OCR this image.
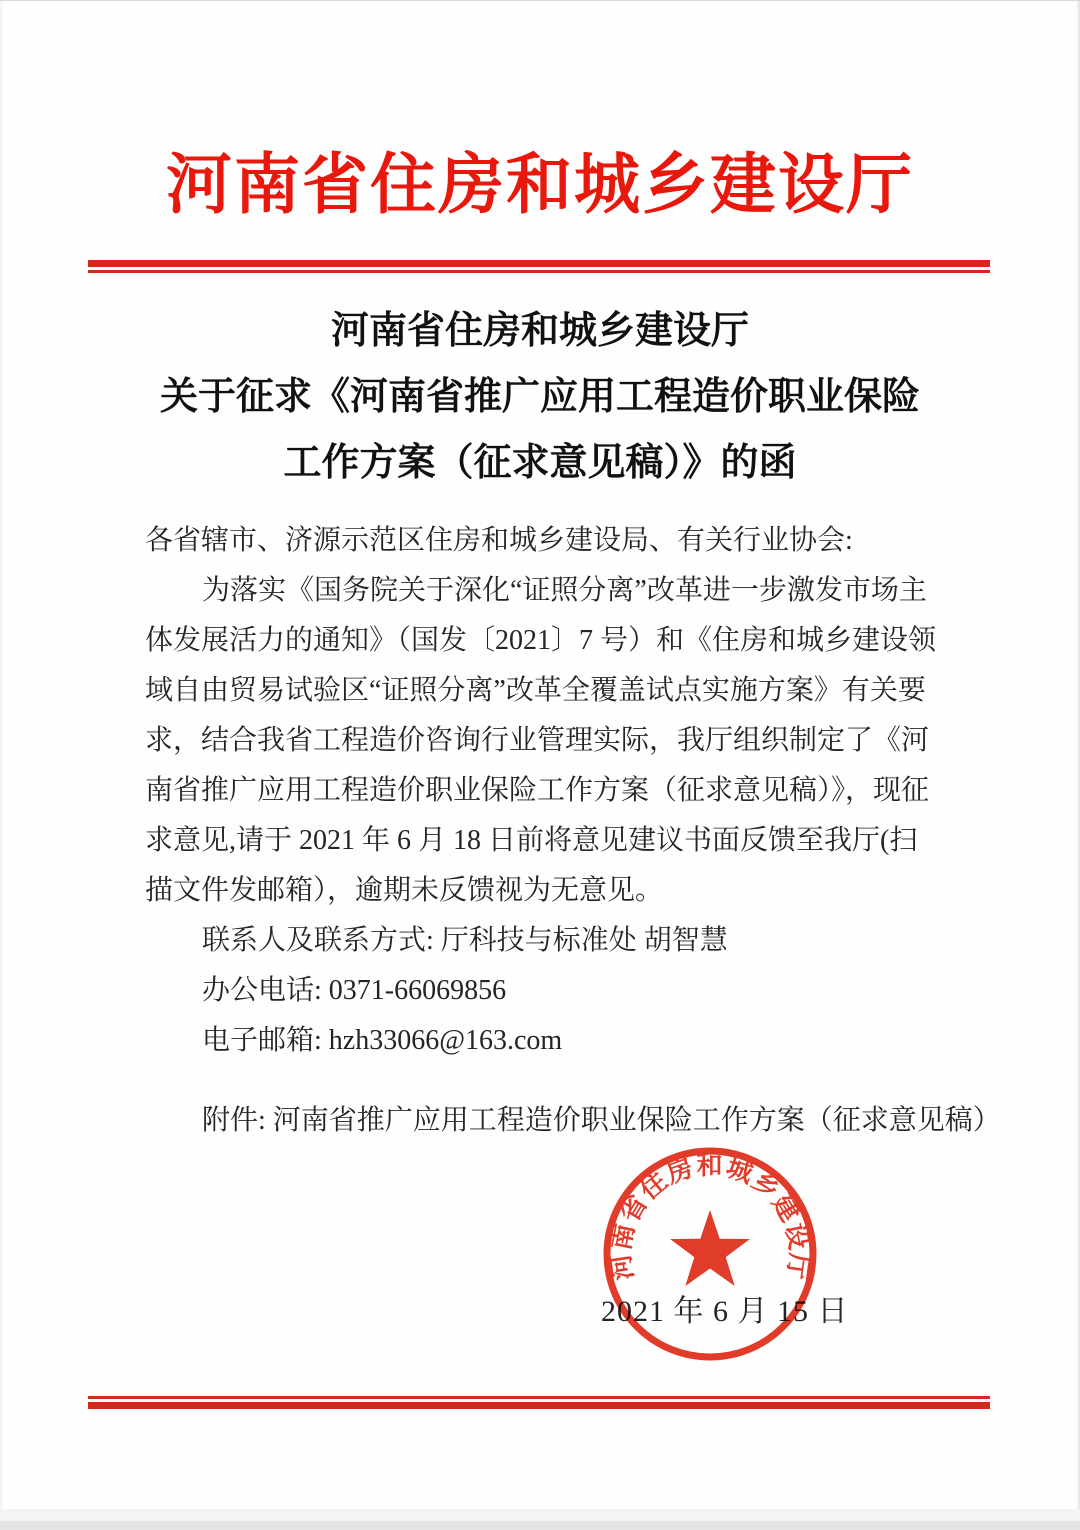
河南省住房和城乡建设厅
河南省住房和城乡建设厅
关于征求《河南省推广应用工程造价职业保险
工作方案（征求意见稿）》的函
各省辖市、济源示范区住房和城乡建设局、有关行业协会:
为落实《国务院关于深化“证照分离”改革进一步激发市场主
体发展活力的通知》（国发〔2021〕7 号）和《住房和城乡建设领
域自由贸易试验区“证照分离”改革全覆盖试点实施方案》有关要
求，结合我省工程造价咨询行业管理实际，我厅组织制定了《河
南省推广应用工程造价职业保险工作方案（征求意见稿）》，现征
求意见,请于 2021 年 6 月 18 日前将意见建议书面反馈至我厅(扫
描文件发邮箱），逾期未反馈视为无意见。
联系人及联系方式: 厅科技与标准处 胡智慧
办公电话: 0371-66069856
电子邮箱: hzh33066@163.com
附件: 河南省推广应用工程造价职业保险工作方案（征求意见稿）
2021 年 6 月 15 日
河南省住房和城乡建设厅
